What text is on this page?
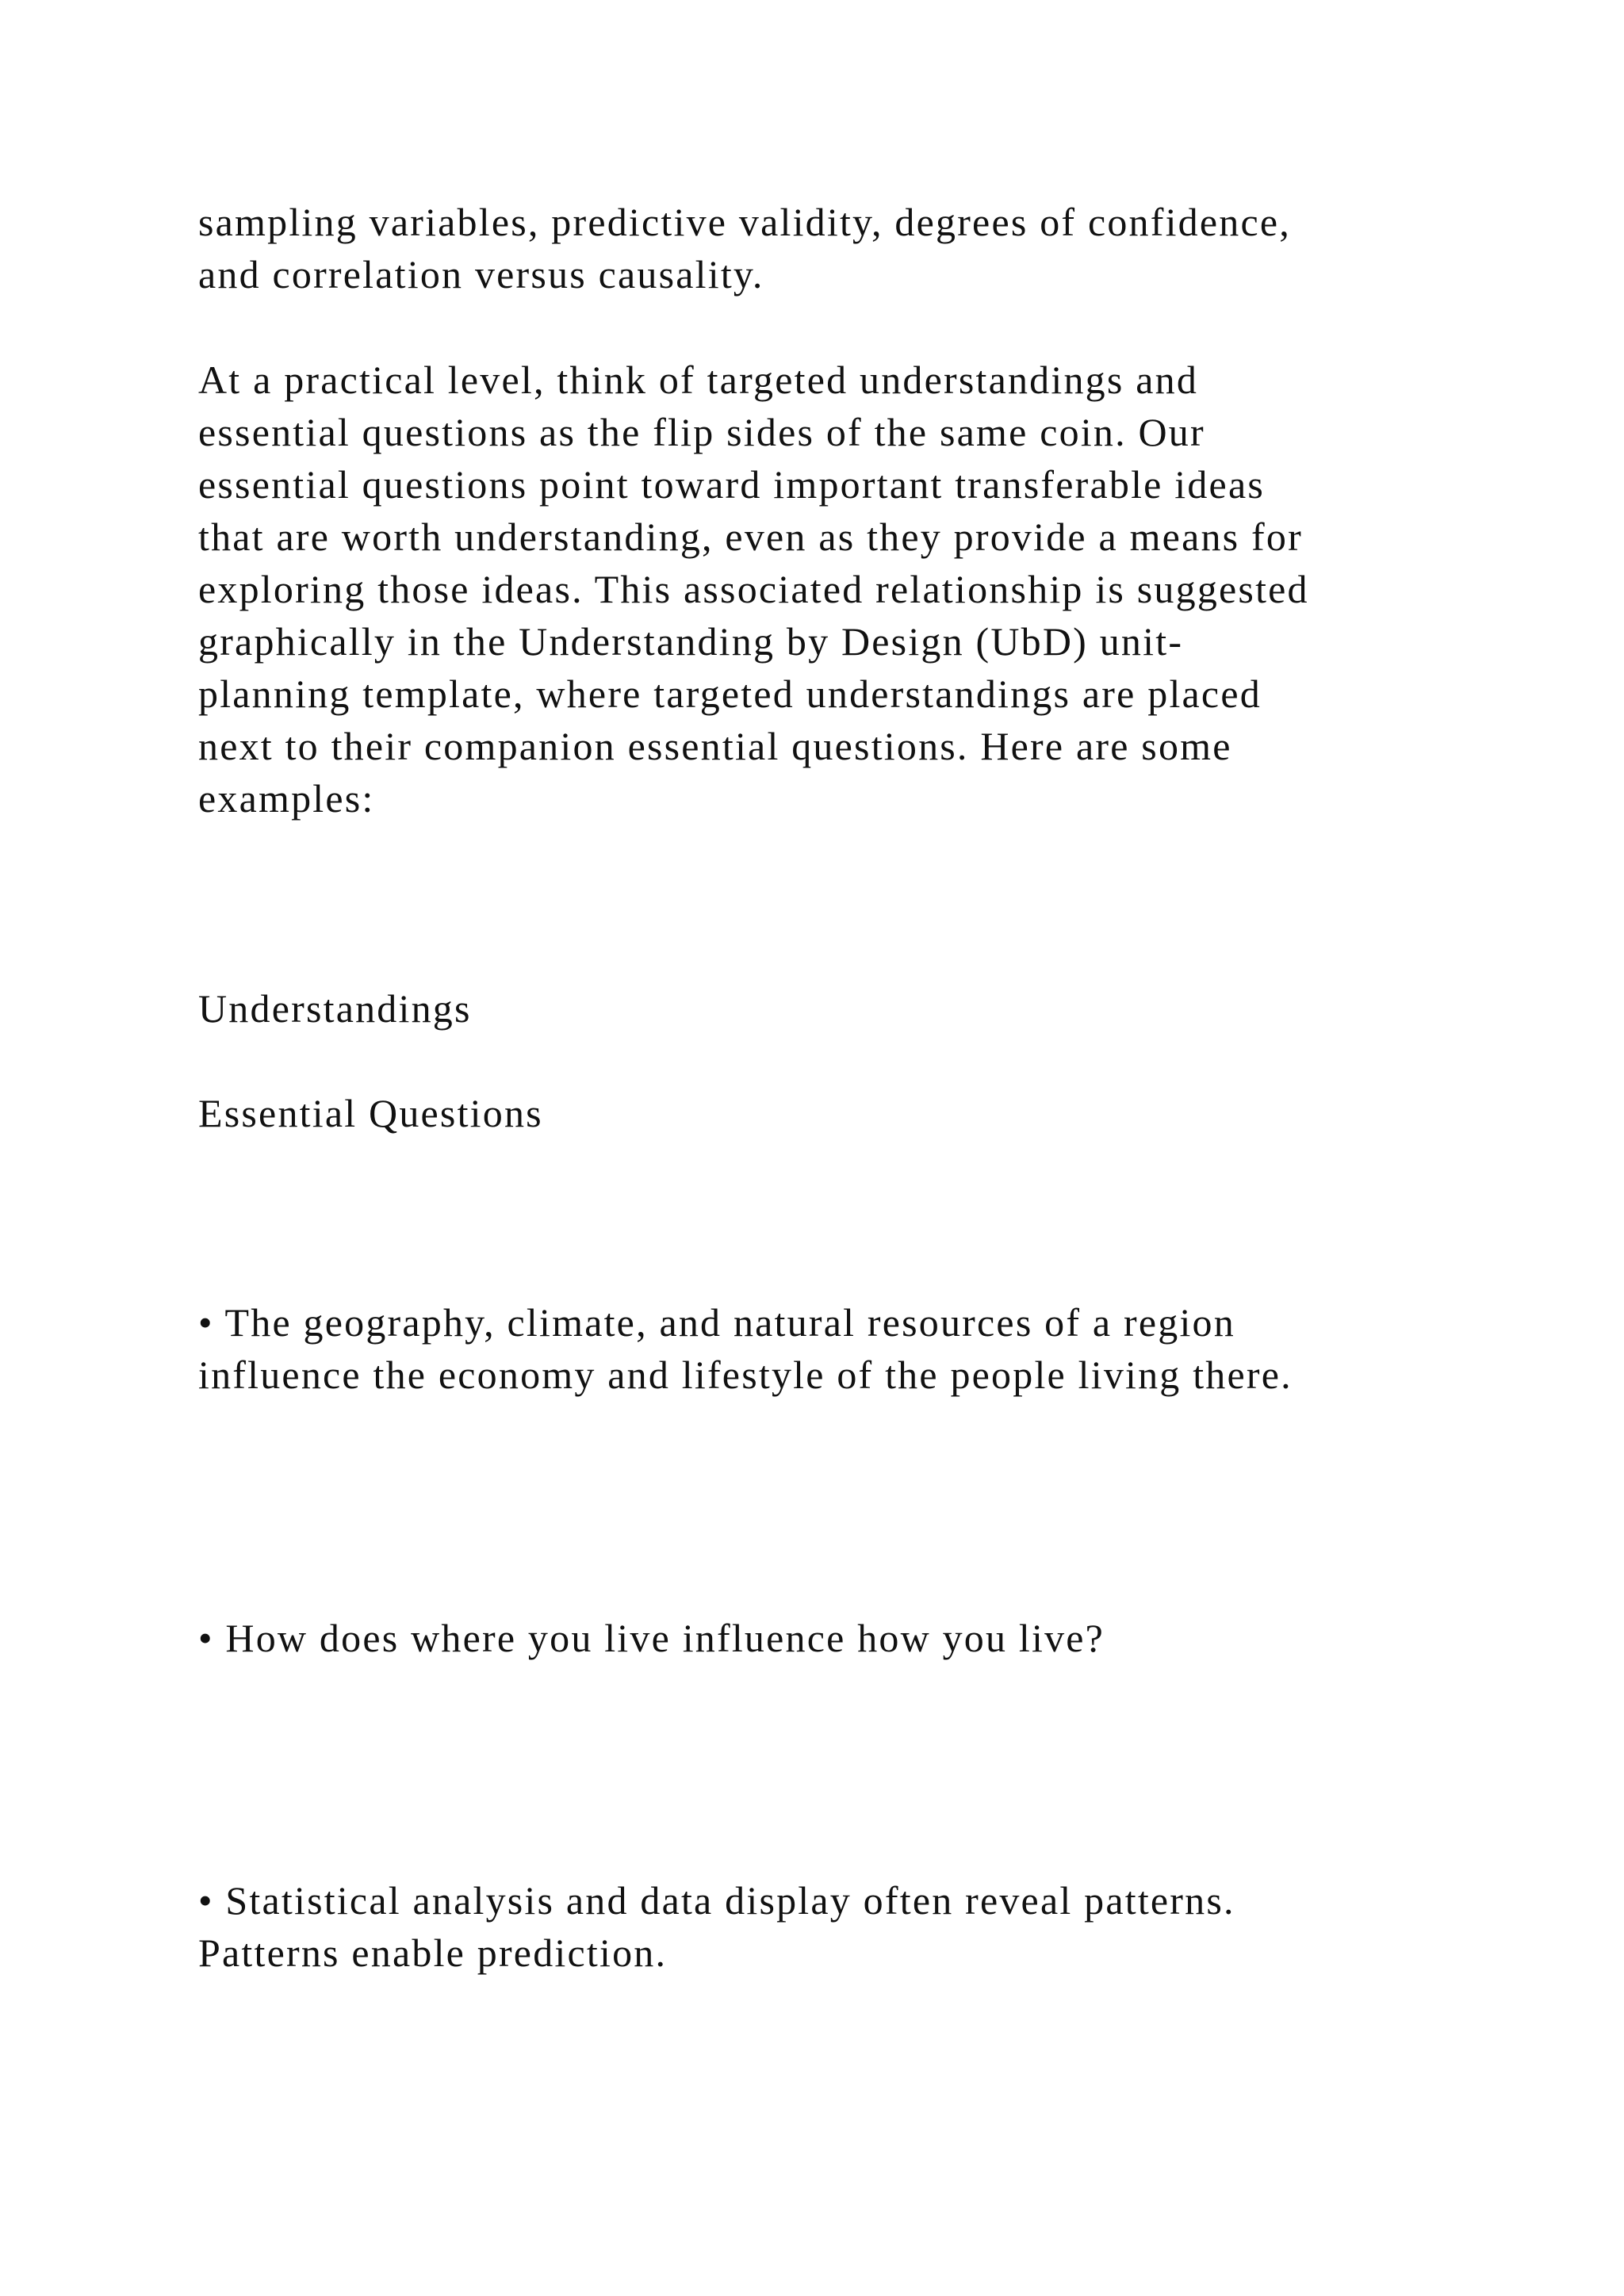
sampling variables, predictive validity, degrees of confidence,

and correlation versus causality.

At a practical level, think of targeted understandings and

essential questions as the flip sides of the same coin. Our

essential questions point toward important transferable ideas

that are worth understanding, even as they provide a means for

exploring those ideas. This associated relationship is suggested

graphically in the Understanding by Design (UbD) unit-

planning template, where targeted understandings are placed

next to their companion essential questions. Here are some

examples:

Understandings

Essential Questions

• The geography, climate, and natural resources of a region

influence the economy and lifestyle of the people living there.

• How does where you live influence how you live?

• Statistical analysis and data display often reveal patterns.

Patterns enable prediction.
